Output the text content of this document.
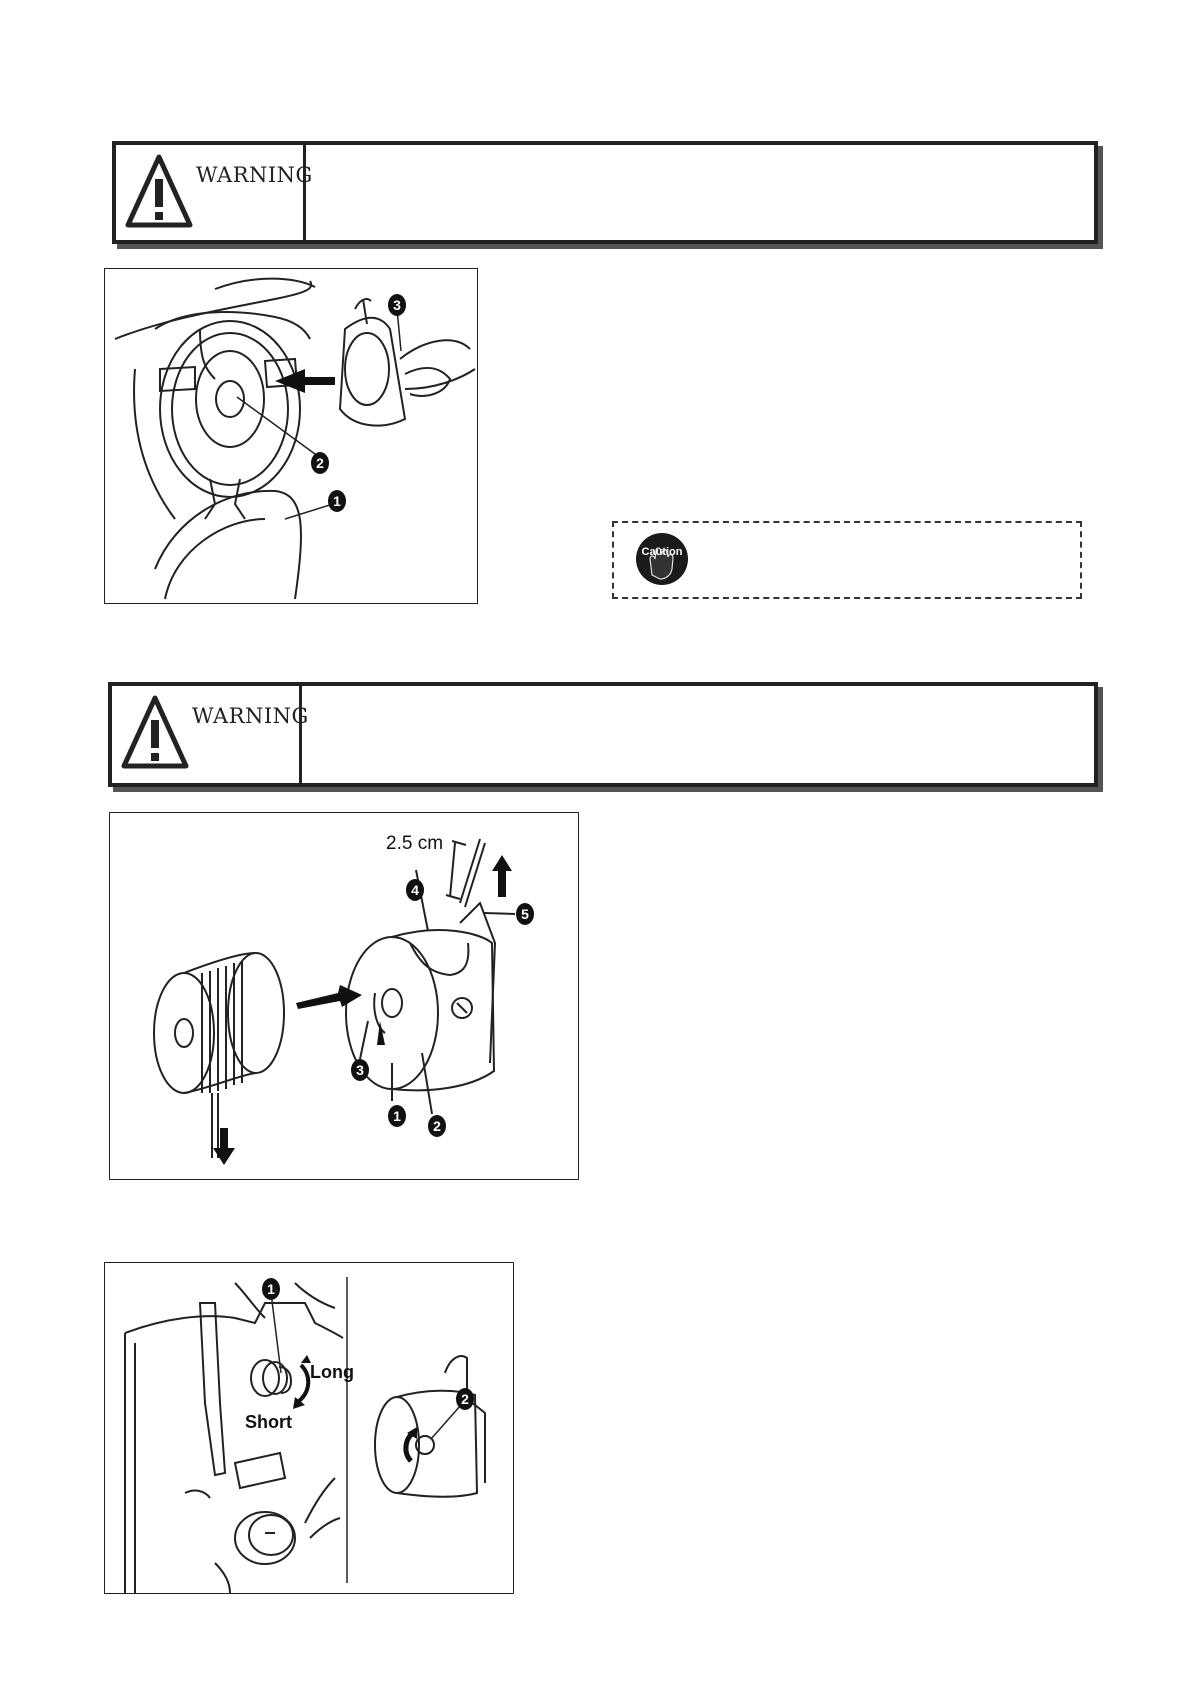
WARNING
3
2
1
Caution
WARNING
2.5 cm
4
5
3
1
2
Long
Short
1
2
